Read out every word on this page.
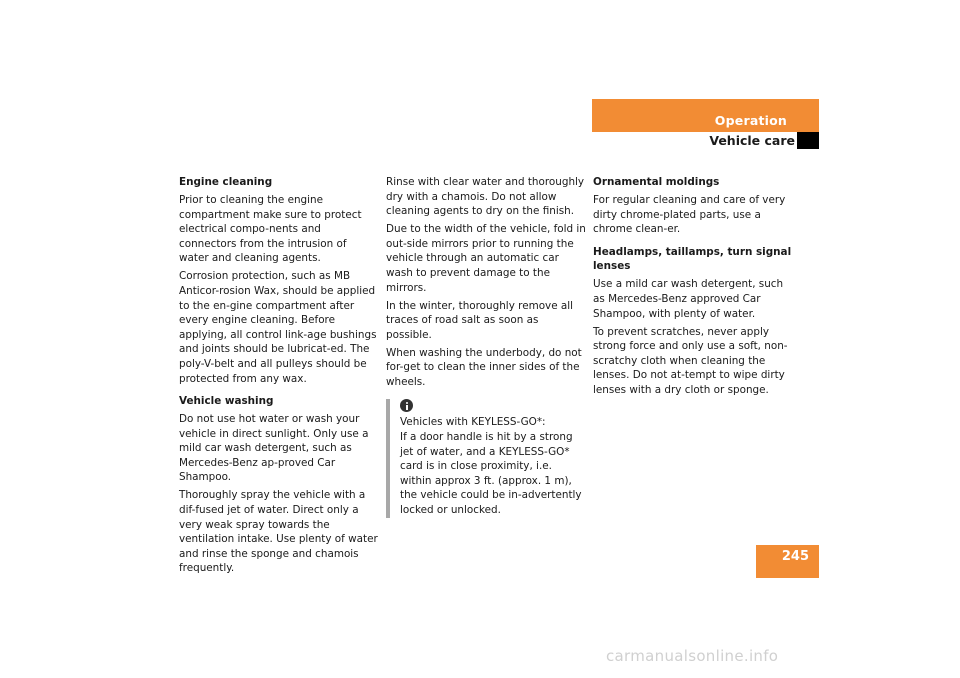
Operation
Vehicle care

Engine cleaning

Prior to cleaning the engine compartment make sure to protect electrical compo-nents and connectors from the intrusion of water and cleaning agents.

Corrosion protection, such as MB Anticor-rosion Wax, should be applied to the en-gine compartment after every engine cleaning. Before applying, all control link-age bushings and joints should be lubricat-ed. The poly-V-belt and all pulleys should be protected from any wax.

Vehicle washing

Do not use hot water or wash your vehicle in direct sunlight. Only use a mild car wash detergent, such as Mercedes-Benz ap-proved Car Shampoo.

Thoroughly spray the vehicle with a dif-fused jet of water. Direct only a very weak spray towards the ventilation intake. Use plenty of water and rinse the sponge and chamois frequently.

Rinse with clear water and thoroughly dry with a chamois. Do not allow cleaning agents to dry on the finish.

Due to the width of the vehicle, fold in out-side mirrors prior to running the vehicle through an automatic car wash to prevent damage to the mirrors.

In the winter, thoroughly remove all traces of road salt as soon as possible.

When washing the underbody, do not for-get to clean the inner sides of the wheels.

Vehicles with KEYLESS-GO*:

If a door handle is hit by a strong jet of water, and a KEYLESS-GO* card is in close proximity, i.e. within approx 3 ft. (approx. 1 m), the vehicle could be in-advertently locked or unlocked.

Ornamental moldings

For regular cleaning and care of very dirty chrome-plated parts, use a chrome clean-er.

Headlamps, taillamps, turn signal lenses

Use a mild car wash detergent, such as Mercedes-Benz approved Car Shampoo, with plenty of water.

To prevent scratches, never apply strong force and only use a soft, non-scratchy cloth when cleaning the lenses. Do not at-tempt to wipe dirty lenses with a dry cloth or sponge.

245
carmanualsonline.info
